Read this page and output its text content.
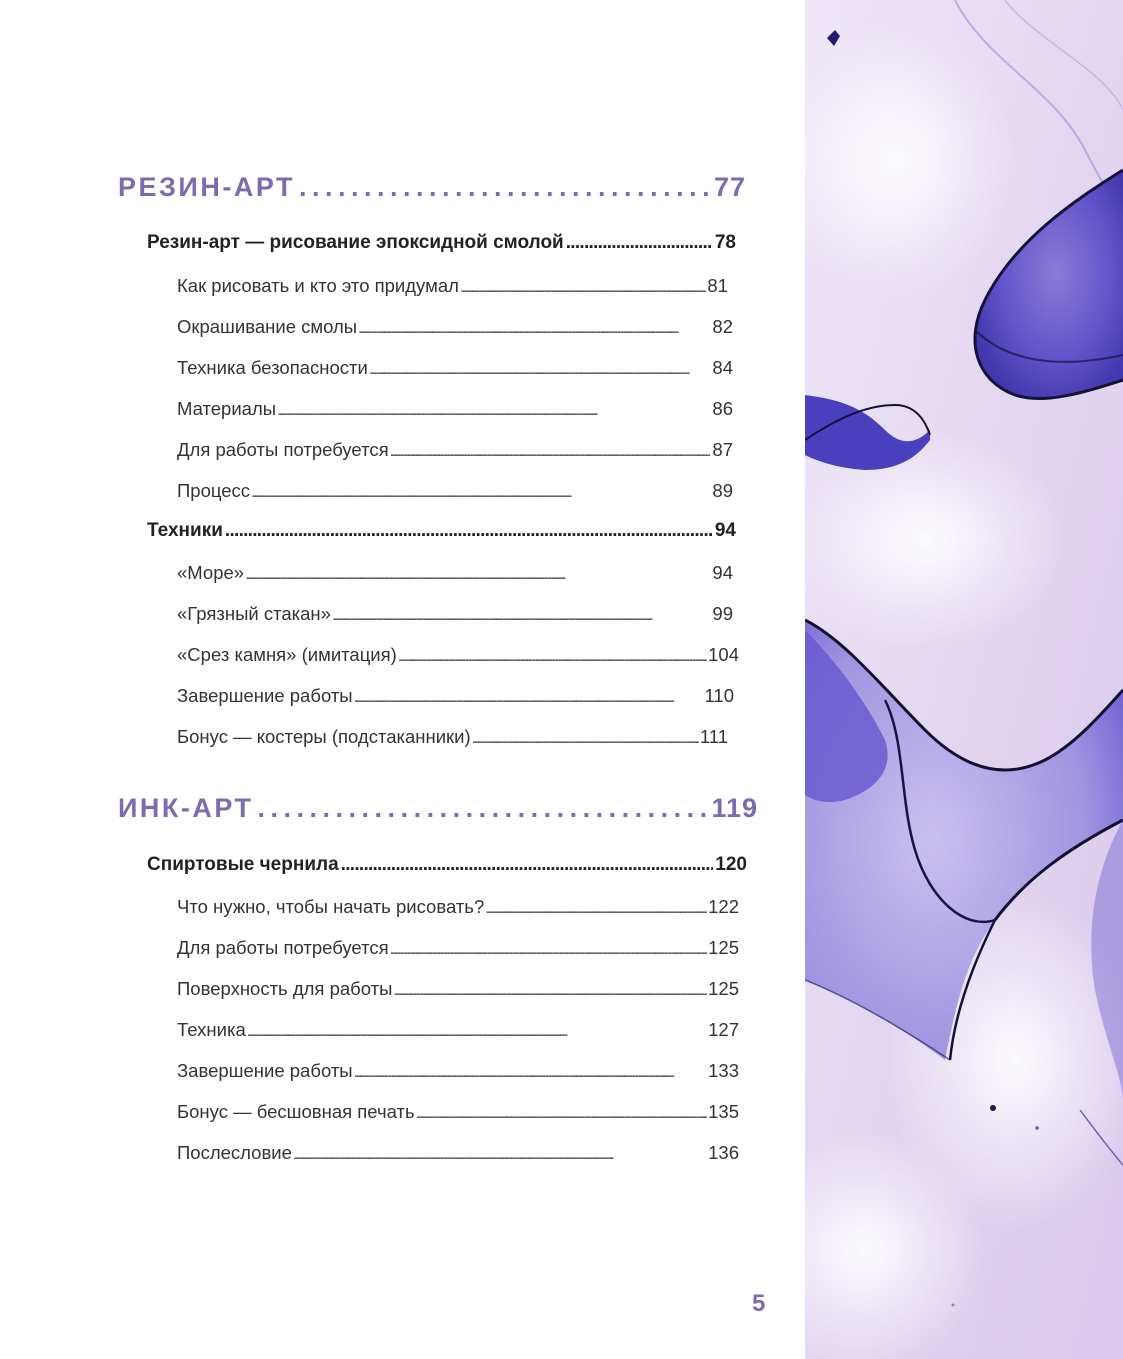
РЕЗИН-АРТ . . .	77
Резин-арт — рисование эпоксидной смолой . . .	78
Как рисовать и кто это придумал . . .	81
Окрашивание смолы . . .	82
Техника безопасности . . .	84
Материалы . . .	86
Для работы потребуется . . .	87
Процесс . . .	89
Техники . . .	94
«Море» . . .	94
«Грязный стакан» . . .	99
«Срез камня» (имитация) . . .	104
Завершение работы . . .	110
Бонус — костеры (подстаканники) . . .	111
ИНК-АРТ . . .	119
Спиртовые чернила . . .	120
Что нужно, чтобы начать рисовать? . . .	122
Для работы потребуется . . .	125
Поверхность для работы . . .	125
Техника . . .	127
Завершение работы . . .	133
Бонус — бесшовная печать . . .	135
Послесловие . . .	136
5
